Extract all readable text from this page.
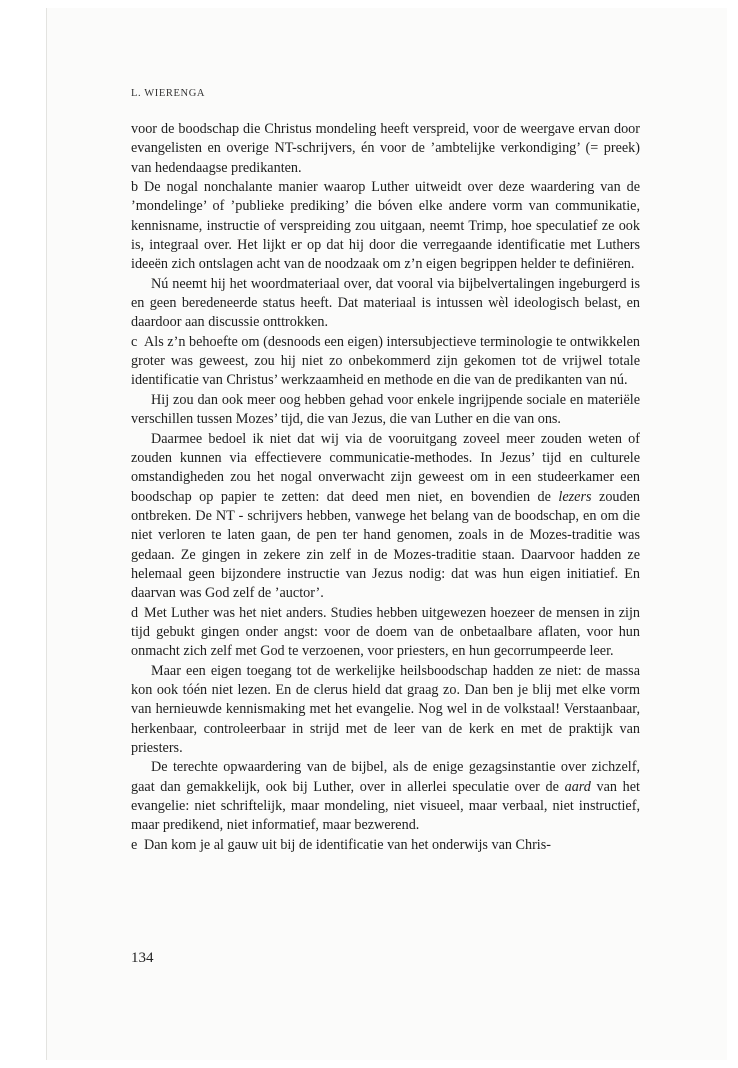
L. WIERENGA

voor de boodschap die Christus mondeling heeft verspreid, voor de weergave ervan door evangelisten en overige NT-schrijvers, én voor de ’ambtelijke verkondiging’ (= preek) van hedendaagse predikanten.

b De nogal nonchalante manier waarop Luther uitweidt over deze waardering van de ’mondelinge’ of ’publieke prediking’ die bóven elke andere vorm van communikatie, kennisname, instructie of verspreiding zou uitgaan, neemt Trimp, hoe speculatief ze ook is, integraal over. Het lijkt er op dat hij door die verregaande identificatie met Luthers ideeën zich ontslagen acht van de noodzaak om z’n eigen begrippen helder te definiëren.

Nú neemt hij het woordmateriaal over, dat vooral via bijbelvertalingen ingeburgerd is en geen beredeneerde status heeft. Dat materiaal is intussen wèl ideologisch belast, en daardoor aan discussie onttrokken.

c Als z’n behoefte om (desnoods een eigen) intersubjectieve terminologie te ontwikkelen groter was geweest, zou hij niet zo onbekommerd zijn gekomen tot de vrijwel totale identificatie van Christus’ werkzaamheid en methode en die van de predikanten van nú.

Hij zou dan ook meer oog hebben gehad voor enkele ingrijpende sociale en materiële verschillen tussen Mozes’ tijd, die van Jezus, die van Luther en die van ons.

Daarmee bedoel ik niet dat wij via de vooruitgang zoveel meer zouden weten of zouden kunnen via effectievere communicatie-methodes. In Jezus’ tijd en culturele omstandigheden zou het nogal onverwacht zijn geweest om in een studeerkamer een boodschap op papier te zetten: dat deed men niet, en bovendien de lezers zouden ontbreken. De NT - schrijvers hebben, vanwege het belang van de boodschap, en om die niet verloren te laten gaan, de pen ter hand genomen, zoals in de Mozes-traditie was gedaan. Ze gingen in zekere zin zelf in de Mozes-traditie staan. Daarvoor hadden ze helemaal geen bijzondere instructie van Jezus nodig: dat was hun eigen initiatief. En daarvan was God zelf de ’auctor’.

d Met Luther was het niet anders. Studies hebben uitgewezen hoezeer de mensen in zijn tijd gebukt gingen onder angst: voor de doem van de onbetaalbare aflaten, voor hun onmacht zich zelf met God te verzoenen, voor priesters, en hun gecorrumpeerde leer.

Maar een eigen toegang tot de werkelijke heilsboodschap hadden ze niet: de massa kon ook tóén niet lezen. En de clerus hield dat graag zo. Dan ben je blij met elke vorm van hernieuwde kennismaking met het evangelie. Nog wel in de volkstaal! Verstaanbaar, herkenbaar, controleerbaar in strijd met de leer van de kerk en met de praktijk van priesters.

De terechte opwaardering van de bijbel, als de enige gezagsinstantie over zichzelf, gaat dan gemakkelijk, ook bij Luther, over in allerlei speculatie over de aard van het evangelie: niet schriftelijk, maar mondeling, niet visueel, maar verbaal, niet instructief, maar predikend, niet informatief, maar bezwerend.

e Dan kom je al gauw uit bij de identificatie van het onderwijs van Chris-

134
